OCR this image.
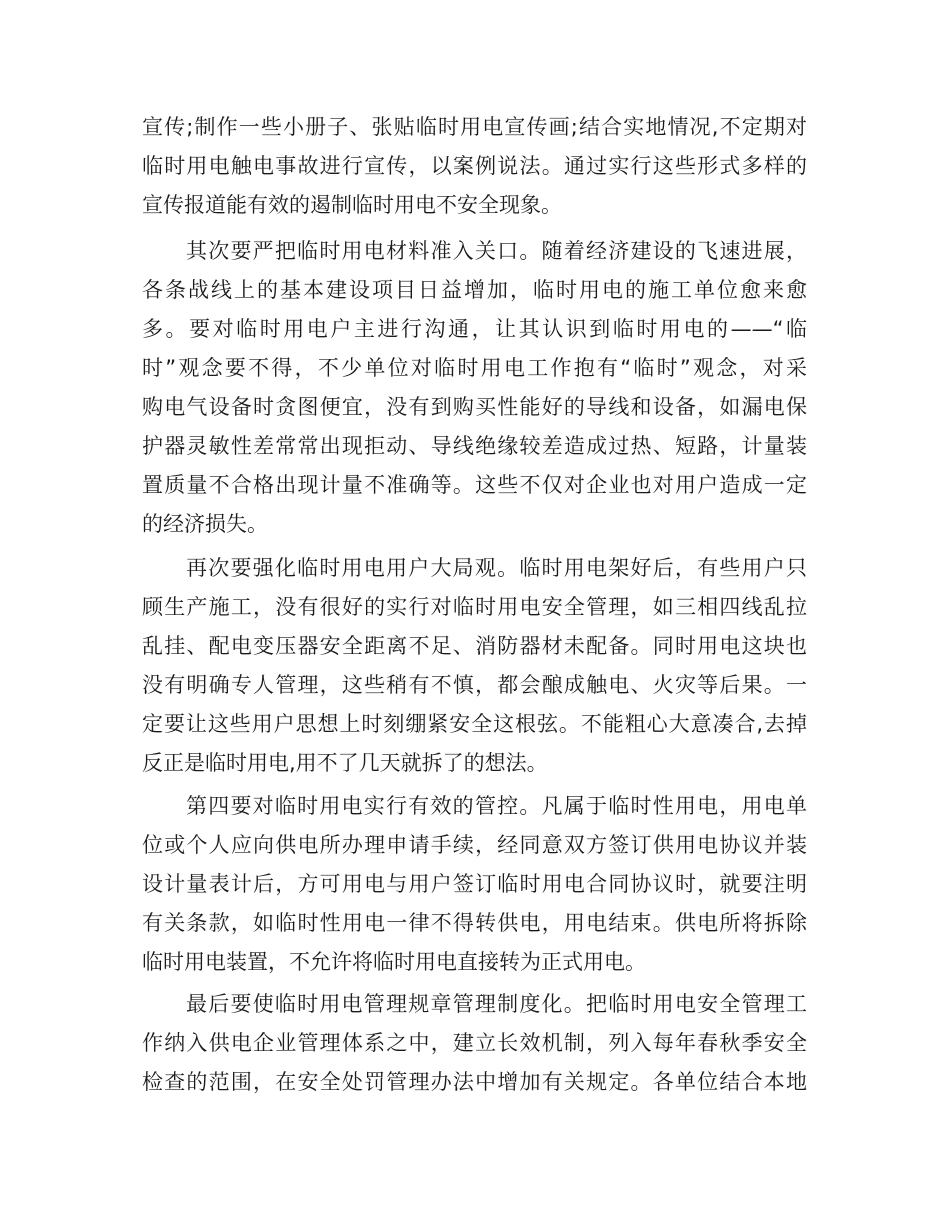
宣传;制作一些小册子、张贴临时用电宣传画;结合实地情况,不定期对
临时用电触电事故进行宣传，以案例说法。通过实行这些形式多样的
宣传报道能有效的遏制临时用电不安全现象。
其次要严把临时用电材料准入关口。随着经济建设的飞速进展，
各条战线上的基本建设项目日益增加，临时用电的施工单位愈来愈
多。要对临时用电户主进行沟通，让其认识到临时用电的——“临
时”观念要不得，不少单位对临时用电工作抱有“临时”观念，对采
购电气设备时贪图便宜，没有到购买性能好的导线和设备，如漏电保
护器灵敏性差常常出现拒动、导线绝缘较差造成过热、短路，计量装
置质量不合格出现计量不准确等。这些不仅对企业也对用户造成一定
的经济损失。
再次要强化临时用电用户大局观。临时用电架好后，有些用户只
顾生产施工，没有很好的实行对临时用电安全管理，如三相四线乱拉
乱挂、配电变压器安全距离不足、消防器材未配备。同时用电这块也
没有明确专人管理，这些稍有不慎，都会酿成触电、火灾等后果。一
定要让这些用户思想上时刻绷紧安全这根弦。不能粗心大意凑合,去掉
反正是临时用电,用不了几天就拆了的想法。
第四要对临时用电实行有效的管控。凡属于临时性用电，用电单
位或个人应向供电所办理申请手续，经同意双方签订供用电协议并装
设计量表计后，方可用电与用户签订临时用电合同协议时，就要注明
有关条款，如临时性用电一律不得转供电，用电结束。供电所将拆除
临时用电装置，不允许将临时用电直接转为正式用电。
最后要使临时用电管理规章管理制度化。把临时用电安全管理工
作纳入供电企业管理体系之中，建立长效机制，列入每年春秋季安全
检查的范围，在安全处罚管理办法中增加有关规定。各单位结合本地
